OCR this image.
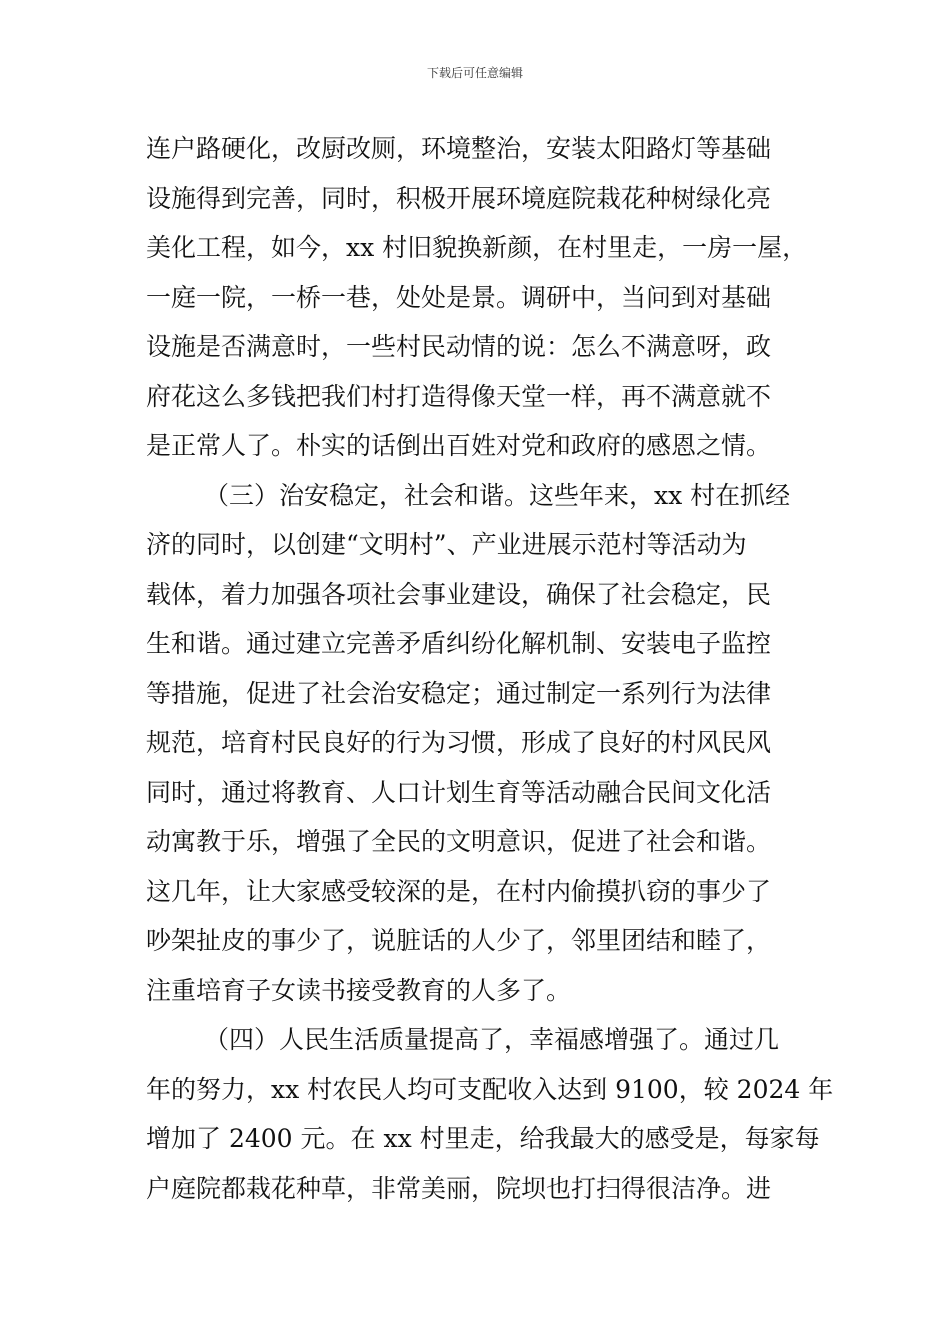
下载后可任意编辑
连户路硬化，改厨改厕，环境整治，安装太阳路灯等基础
设施得到完善，同时，积极开展环境庭院栽花种树绿化亮
美化工程，如今，xx 村旧貌换新颜，在村里走，一房一屋，
一庭一院，一桥一巷，处处是景。调研中，当问到对基础
设施是否满意时，一些村民动情的说：怎么不满意呀，政
府花这么多钱把我们村打造得像天堂一样，再不满意就不
是正常人了。朴实的话倒出百姓对党和政府的感恩之情。
（三）治安稳定，社会和谐。这些年来，xx 村在抓经
济的同时，以创建“文明村”、产业进展示范村等活动为
载体，着力加强各项社会事业建设，确保了社会稳定，民
生和谐。通过建立完善矛盾纠纷化解机制、安装电子监控
等措施，促进了社会治安稳定；通过制定一系列行为法律
规范，培育村民良好的行为习惯，形成了良好的村风民风
同时，通过将教育、人口计划生育等活动融合民间文化活
动寓教于乐，增强了全民的文明意识，促进了社会和谐。
这几年，让大家感受较深的是，在村内偷摸扒窃的事少了
吵架扯皮的事少了，说脏话的人少了，邻里团结和睦了，
注重培育子女读书接受教育的人多了。
（四）人民生活质量提高了，幸福感增强了。通过几
年的努力，xx 村农民人均可支配收入达到 9100，较 2024 年
增加了 2400 元。在 xx 村里走，给我最大的感受是，每家每
户庭院都栽花种草，非常美丽，院坝也打扫得很洁净。进
